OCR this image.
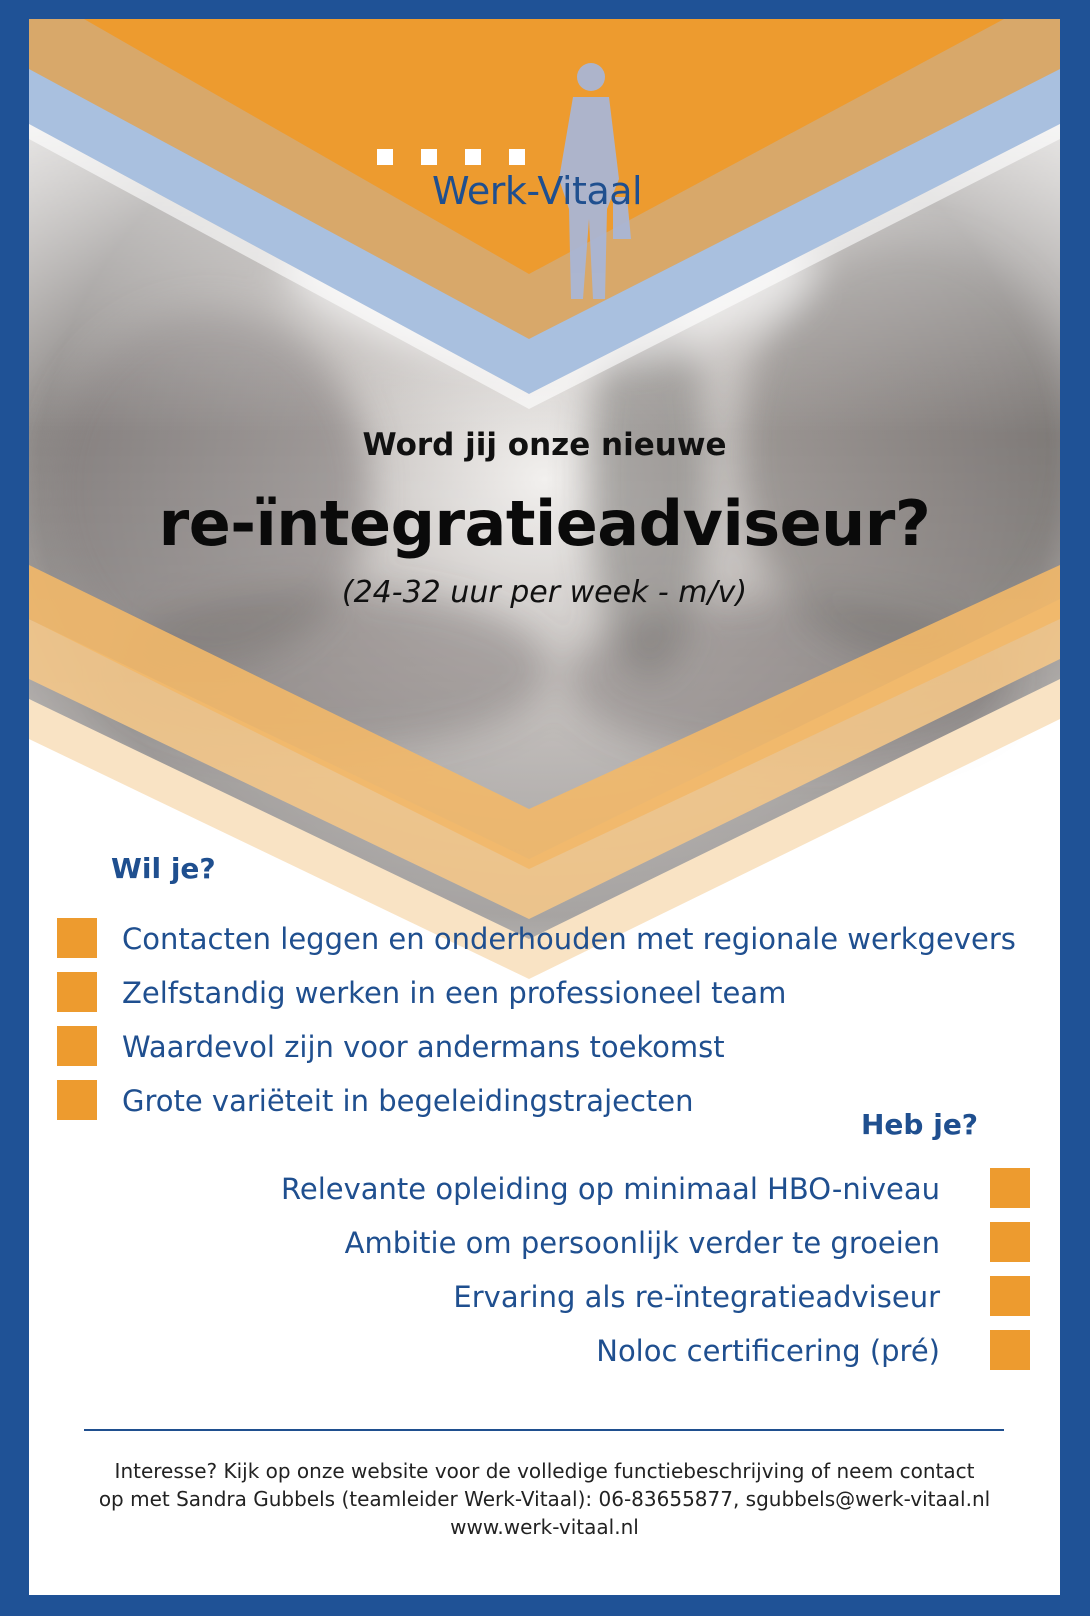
Werk-Vitaal
Word jij onze nieuwe
re-ïntegratieadviseur?
(24-32 uur per week - m/v)
Wil je?
Contacten leggen en onderhouden met regionale werkgevers
Zelfstandig werken in een professioneel team
Waardevol zijn voor andermans toekomst
Grote variëteit in begeleidingstrajecten
Heb je?
Relevante opleiding op minimaal HBO-niveau
Ambitie om persoonlijk verder te groeien
Ervaring als re-ïntegratieadviseur
Noloc certificering (pré)
Interesse? Kijk op onze website voor de volledige functiebeschrijving of neem contact
op met Sandra Gubbels (teamleider Werk-Vitaal): 06-83655877, sgubbels@werk-vitaal.nl
www.werk-vitaal.nl
